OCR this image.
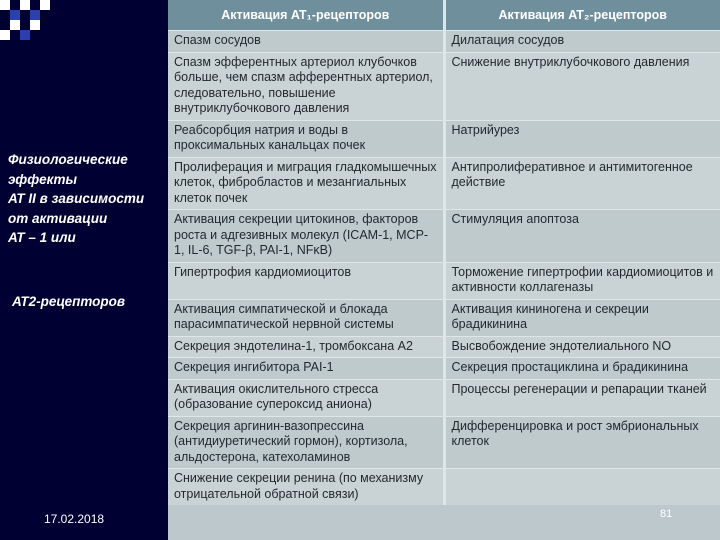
Физиологические эффекты
АТ II в зависимости
от активации
АТ – 1 или
АТ2-рецепторов
17.02.2018
Активация AT₁-рецепторов	Активация AT₂-рецепторов
Спазм сосудов	Дилатация сосудов
Спазм эфферентных артериол клубочков больше, чем спазм афферентных артериол, следовательно, повышение внутриклубочкового давления	Снижение внутриклубочкового давления
Реабсорбция натрия и воды в проксимальных канальцах почек	Натрийурез
Пролиферация и миграция гладкомышечных клеток, фибробластов и мезангиальных клеток почек	Антипролиферативное и антимитогенное действие
Активация секреции цитокинов, факторов роста и адгезивных молекул (ICAM-1, MCP-1, IL-6, TGF-β, PAI-1, NFκB)	Стимуляция апоптоза
Гипертрофия кардиомиоцитов	Торможение гипертрофии кардиомиоцитов и активности коллагеназы
Активация симпатической и блокада парасимпатической нервной системы	Активация кининогена и секреции брадикинина
Секреция эндотелина-1, тромбоксана A2	Высвобождение эндотелиального NO
Секреция ингибитора PAI-1	Секреция простациклина и брадикинина
Активация окислительного стресса (образование супероксид аниона)	Процессы регенерации и репарации тканей
Секреция аргинин-вазопрессина (антидиуретический гормон), кортизола, альдостерона, катехоламинов	Дифференцировка и рост эмбриональных клеток
Снижение секреции ренина (по механизму отрицательной обратной связи)	
81
